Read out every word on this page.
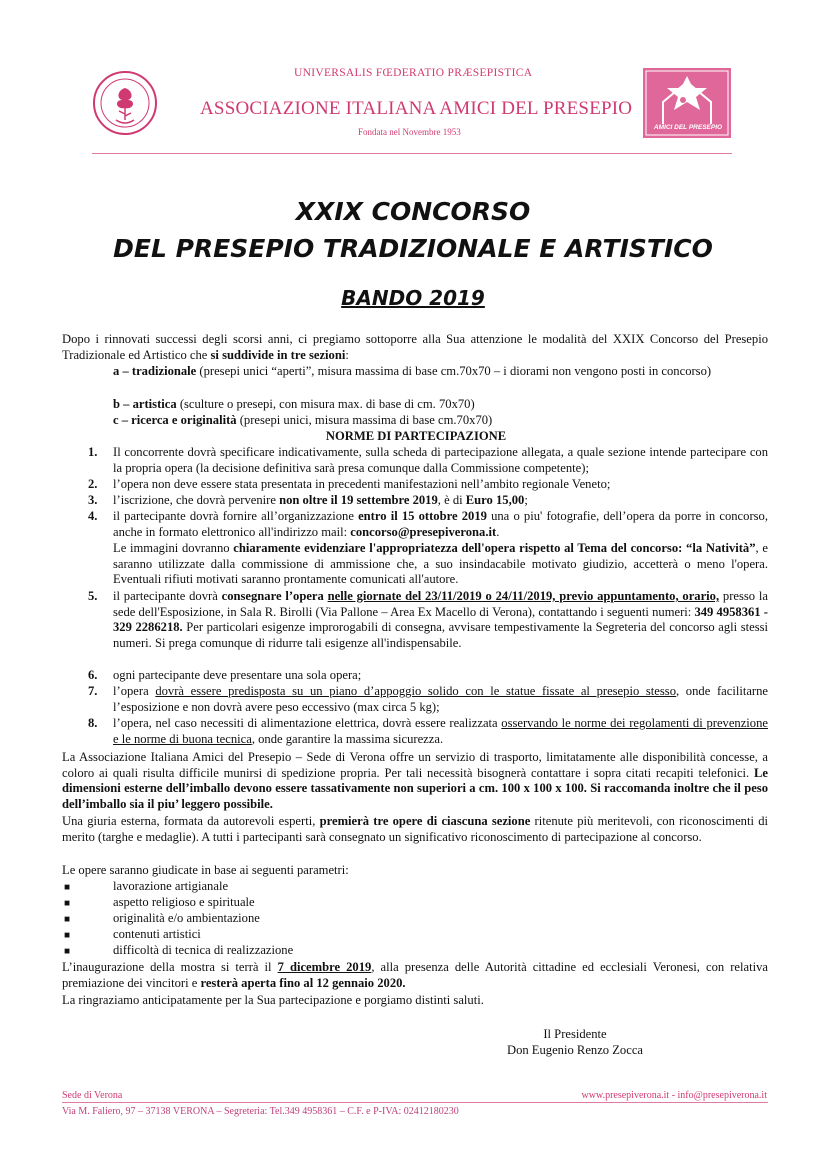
UNIVERSALIS FŒDERATIO PRÆSEPISTICA
ASSOCIAZIONE ITALIANA AMICI DEL PRESEPIO
Fondata nel Novembre 1953	AMICI DEL PRESEPIO
XXIX CONCORSO
DEL PRESEPIO TRADIZIONALE E ARTISTICO
BANDO 2019
Dopo i rinnovati successi degli scorsi anni, ci pregiamo sottoporre alla Sua attenzione le modalità del XXIX Concorso del Presepio Tradizionale ed Artistico che si suddivide in tre sezioni:
a – tradizionale (presepi unici “aperti”, misura massima di base cm.70x70 – i diorami non vengono posti in concorso)
b – artistica (sculture o presepi, con misura max. di base di cm. 70x70)
c – ricerca e originalità (presepi unici, misura massima di base cm.70x70)
NORME DI PARTECIPAZIONE
1. Il concorrente dovrà specificare indicativamente, sulla scheda di partecipazione allegata, a quale sezione intende partecipare con la propria opera (la decisione definitiva sarà presa comunque dalla Commissione competente);
2. l’opera non deve essere stata presentata in precedenti manifestazioni nell’ambito regionale Veneto;
3. l’iscrizione, che dovrà pervenire non oltre il 19 settembre 2019, è di Euro 15,00;
4. il partecipante dovrà fornire all’organizzazione entro il 15 ottobre 2019 una o piu' fotografie, dell’opera da porre in concorso, anche in formato elettronico all'indirizzo mail: concorso@presepiverona.it.
Le immagini dovranno chiaramente evidenziare l'appropriatezza dell'opera rispetto al Tema del concorso: “la Natività”, e saranno utilizzate dalla commissione di ammissione che, a suo insindacabile motivato giudizio, accetterà o meno l'opera. Eventuali rifiuti motivati saranno prontamente comunicati all'autore.
5. il partecipante dovrà consegnare l’opera nelle giornate del 23/11/2019 o 24/11/2019, previo appuntamento, orario, presso la sede dell'Esposizione, in Sala R. Birolli (Via Pallone – Area Ex Macello di Verona), contattando i seguenti numeri: 349 4958361 - 329 2286218. Per particolari esigenze improrogabili di consegna, avvisare tempestivamente la Segreteria del concorso agli stessi numeri. Si prega comunque di ridurre tali esigenze all'indispensabile.
6. ogni partecipante deve presentare una sola opera;
7. l’opera dovrà essere predisposta su un piano d’appoggio solido con le statue fissate al presepio stesso, onde facilitarne l’esposizione e non dovrà avere peso eccessivo (max circa 5 kg);
8. l’opera, nel caso necessiti di alimentazione elettrica, dovrà essere realizzata osservando le norme dei regolamenti di prevenzione e le norme di buona tecnica, onde garantire la massima sicurezza.
La Associazione Italiana Amici del Presepio – Sede di Verona offre un servizio di trasporto, limitatamente alle disponibilità concesse, a coloro ai quali risulta difficile munirsi di spedizione propria. Per tali necessità bisognerà contattare i sopra citati recapiti telefonici. Le dimensioni esterne dell’imballo devono essere tassativamente non superiori a cm. 100 x 100 x 100. Si raccomanda inoltre che il peso dell’imballo sia il piu’ leggero possibile.
Una giuria esterna, formata da autorevoli esperti, premierà tre opere di ciascuna sezione ritenute più meritevoli, con riconoscimenti di merito (targhe e medaglie). A tutti i partecipanti sarà consegnato un significativo riconoscimento di partecipazione al concorso.
Le opere saranno giudicate in base ai seguenti parametri:
■	lavorazione artigianale
■	aspetto religioso e spirituale
■	originalità e/o ambientazione
■	contenuti artistici
■	difficoltà di tecnica di realizzazione
L’inaugurazione della mostra si terrà il 7 dicembre 2019, alla presenza delle Autorità cittadine ed ecclesiali Veronesi, con relativa premiazione dei vincitori e resterà aperta fino al 12 gennaio 2020.
La ringraziamo anticipatamente per la Sua partecipazione e porgiamo distinti saluti.
Il Presidente
Don Eugenio Renzo Zocca
Sede di Verona	www.presepiverona.it - info@presepiverona.it
Via M. Faliero, 97 – 37138 VERONA – Segreteria: Tel.349 4958361 – C.F. e P-IVA: 02412180230
